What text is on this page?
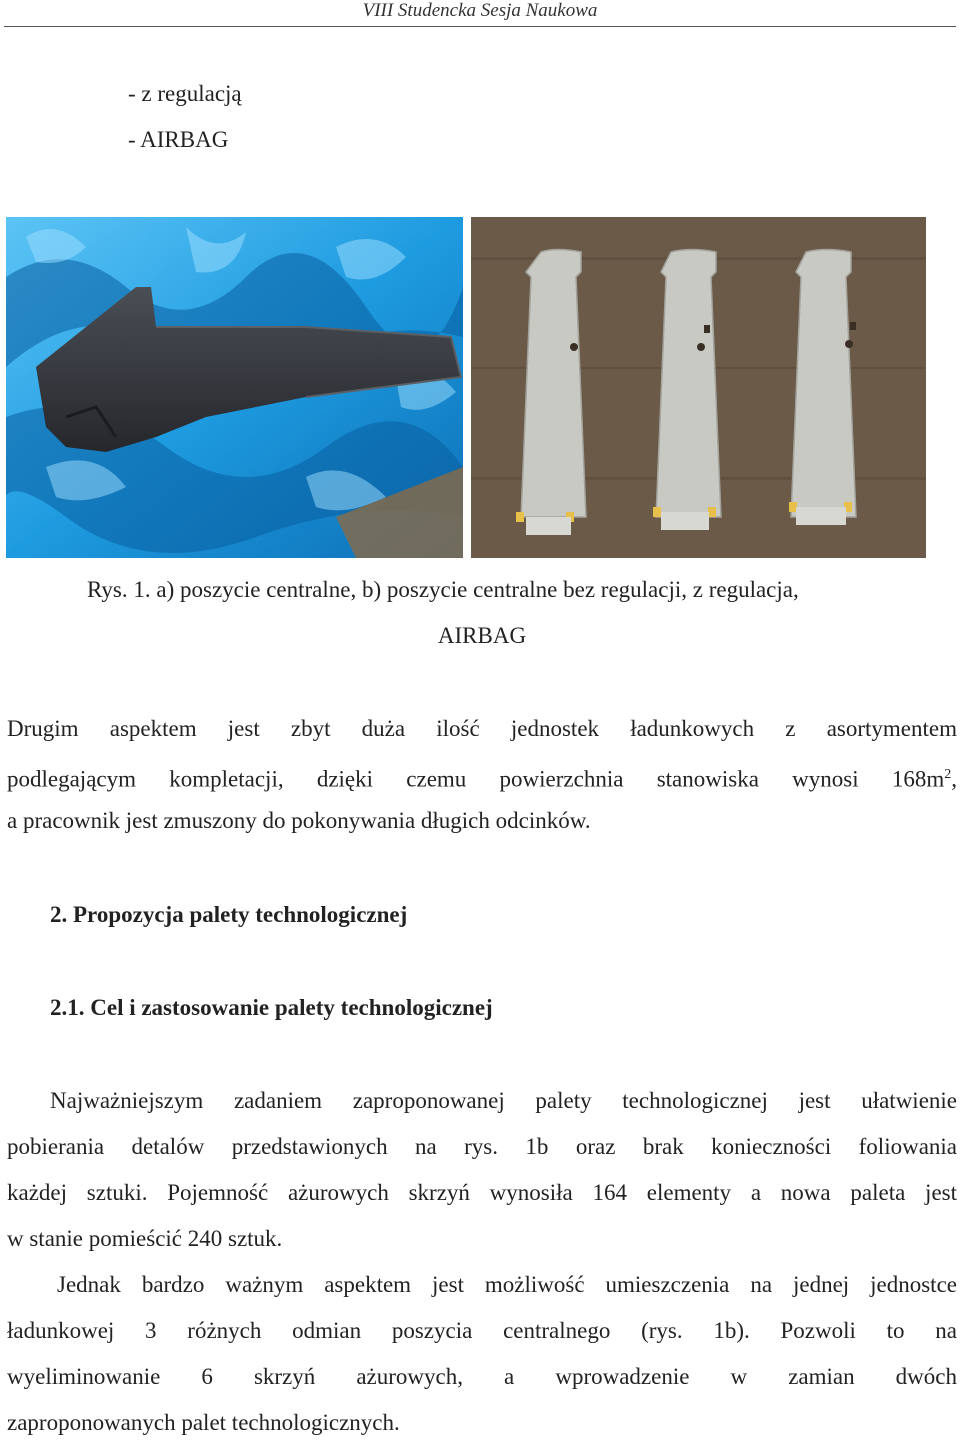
VIII Studencka Sesja Naukowa
- z regulacją
- AIRBAG
Rys. 1. a) poszycie centralne, b) poszycie centralne bez regulacji, z regulacja,
AIRBAG
Drugim aspektem jest zbyt duża ilość jednostek ładunkowych z asortymentem
podlegającym kompletacji, dzięki czemu powierzchnia stanowiska wynosi $168m^2$,
a pracownik jest zmuszony do pokonywania długich odcinków.
2. Propozycja palety technologicznej
2.1. Cel i zastosowanie palety technologicznej
Najważniejszym zadaniem zaproponowanej palety technologicznej jest ułatwienie
pobierania detalów przedstawionych na rys. 1b oraz brak konieczności foliowania
każdej sztuki. Pojemność ażurowych skrzyń wynosiła 164 elementy a nowa paleta jest
w stanie pomieścić 240 sztuk.
Jednak bardzo ważnym aspektem jest możliwość umieszczenia na jednej jednostce
ładunkowej 3 różnych odmian poszycia centralnego (rys. 1b). Pozwoli to na
wyeliminowanie 6 skrzyń ażurowych, a wprowadzenie w zamian dwóch
zaproponowanych palet technologicznych.
